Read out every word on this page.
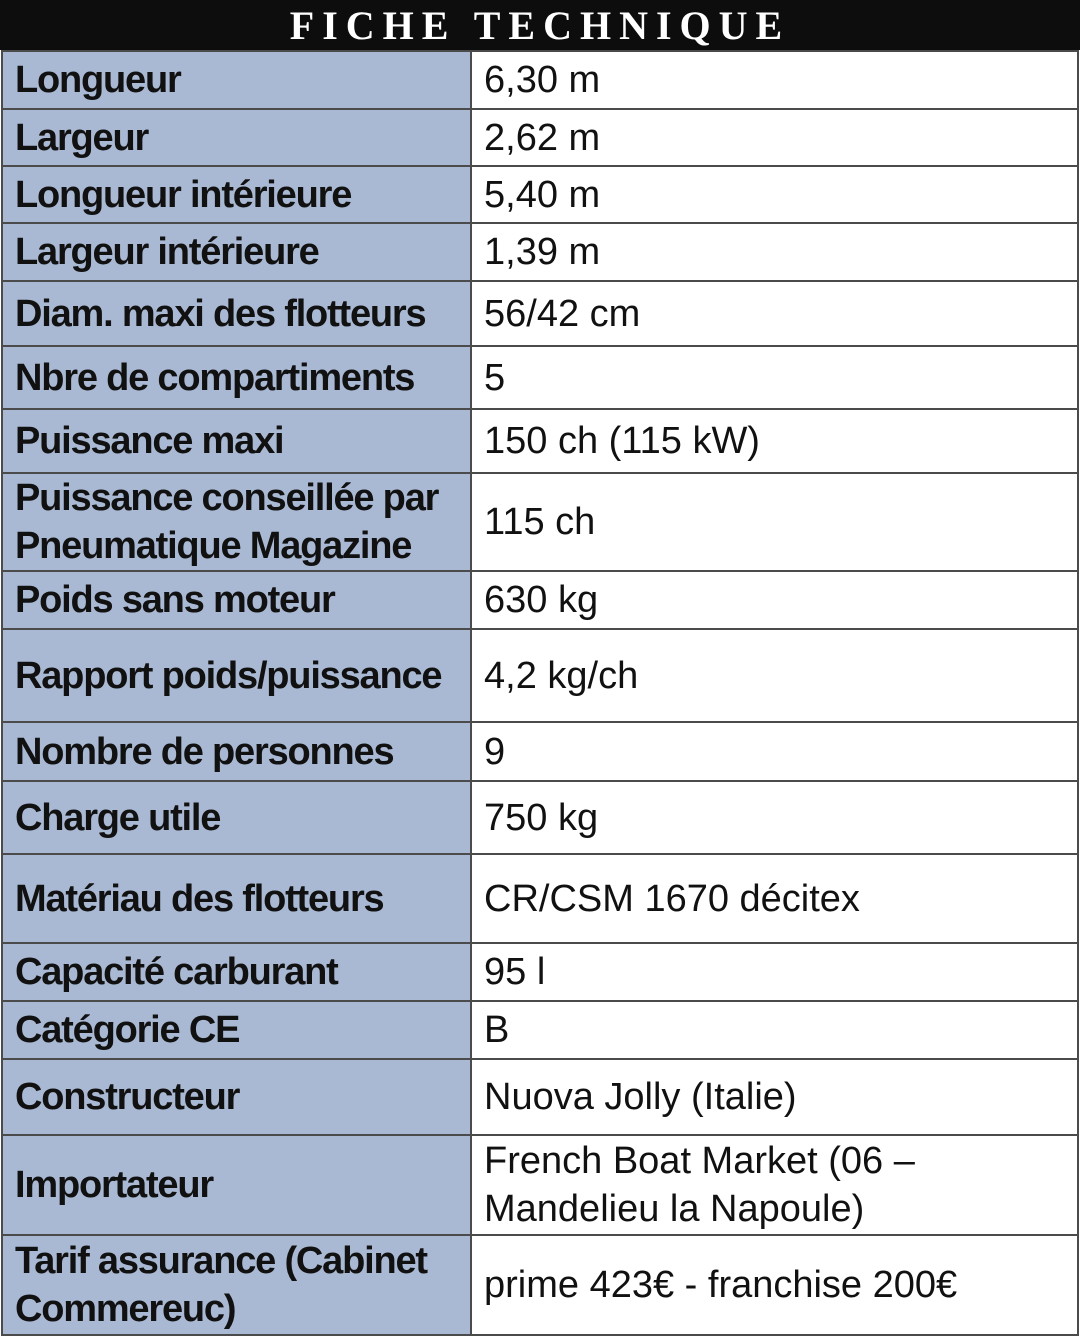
FICHE TECHNIQUE
Longueur	6,30 m
Largeur	2,62 m
Longueur intérieure	5,40 m
Largeur intérieure	1,39 m
Diam. maxi des flotteurs	56/42 cm
Nbre de compartiments	5
Puissance maxi	150 ch (115 kW)
Puissance conseillée par Pneumatique Magazine	115 ch
Poids sans moteur	630 kg
Rapport poids/puissance	4,2 kg/ch
Nombre de personnes	9
Charge utile	750 kg
Matériau des flotteurs	CR/CSM 1670 décitex
Capacité carburant	95 l
Catégorie CE	B
Constructeur	Nuova Jolly (Italie)
Importateur	French Boat Market (06 – Mandelieu la Napoule)
Tarif assurance (Cabinet Commereuc)	prime 423€ - franchise 200€
